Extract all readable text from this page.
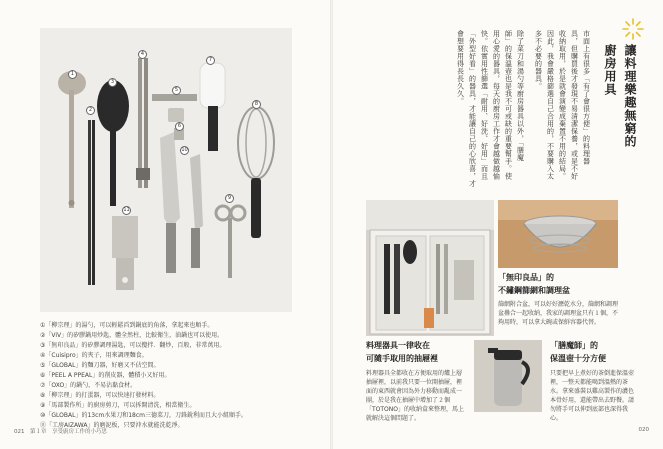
1
2
3
4
5
6
7
8
9
10
11
①「柳宗理」的湯勺，可以輕鬆舀到鍋底的角落，拿起來也順手。
②「ViV」的矽膠鍋用炒匙，體全然柱，比較衛生，油鍋也可以使用。
③「無印良品」的矽膠調理湯匙，可以攪拌．翻炒，百般，非常萬用。
④「Cuisipro」的夾子，用來調理麵食。
⑤「GLOBAL」的麵刀器，好磨又不佔空間。
⑥「PEEL A PPEAL」的削皮器，體積小又好用。
⑦「OXO」的鍋勺，不易沾黏食材。
⑧「柳宗理」的打蛋器，可以快速打發材料。
⑨「馬部製作所」的廚房剪刀，可以拆開清洗，相當衛生。
⑩「GLOBAL」的13cm水果刀和18cm三德菜刀，刀鋒銳利而且大小組順手。
⑪「工房AIZAWA」的磨泥板，只要沖水就能洗乾淨。
021　第１章　享受廚房工作的小巧思	020
讓料理樂趣無窮的
廚房用具
市面上有很多「有了會很方便」的料理器
具，但購買後才發現不易清潔保養，或是不好
收納取用，於是就會演變成棄置不用的結局。
因此，我會嚴格篩選自己合用的，不要購入太
多不必要的器具。
除了菜刀和湯勺等廚房器具以外，「膳魔
師」的保溫壺也是我不可或缺的重要幫手。使
用心愛的器具，每天的廚房工作才會越做越愉
快。依實用性篩選「耐用、好洗、好用」而且
「外型好看」的器具，才能讓自己的心欣喜，才
會想要用得長長久久。
料理器具一律收在
可隨手取用的抽屜裡
料理器具全都收在方便取用的爐上層抽屜裡，以前我只要一位開抽屜，裡面的東西就會因為外力移動而亂成一團，於是我在抽屜中增加了２個「TOTONO」的收納盒來整理，馬上就解決這個問題了。
「無印良品」的
不鏽鋼篩網和調理盆
篩網附合盆，可以好好瀝乾水分，篩網和調理盆疊合一起收納，我家的調理盆只有１個，不夠用時，可以拿大碗或保鮮容器代替。
「膳魔師」的
保溫壺十分方便
只要把早上煮好的茶倒進保溫壺裡，一整天都能喝到溫熱的茶水。拿來盛裝以雞高製作的濃色本骨好用，還能帶出去野餐。請勿將手可以伸到底部也深得我心。
